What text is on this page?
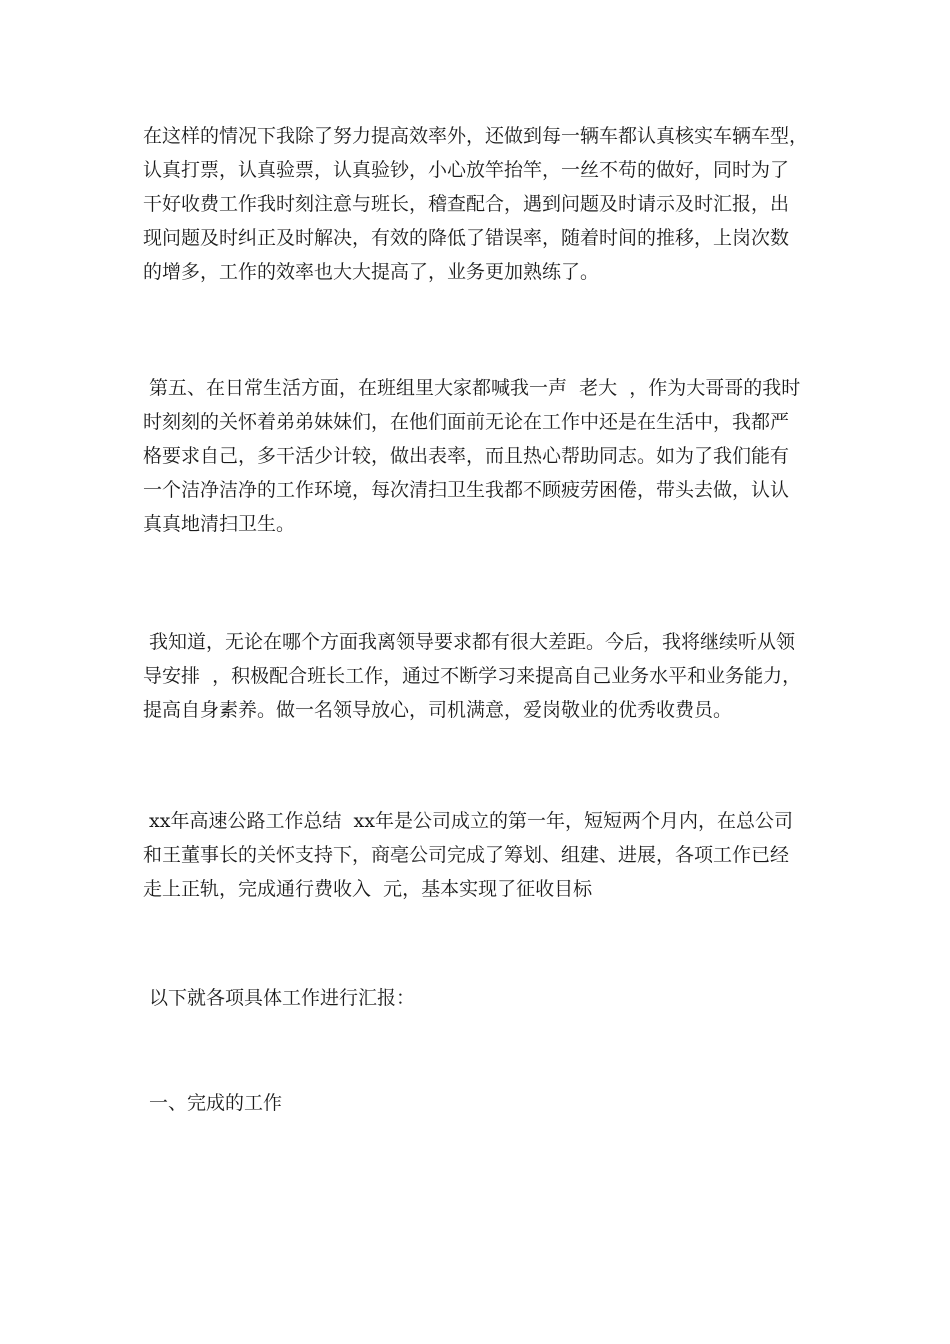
在这样的情况下我除了努力提高效率外，还做到每一辆车都认真核实车辆车型，
认真打票，认真验票，认真验钞，小心放竿抬竿，一丝不苟的做好，同时为了
干好收费工作我时刻注意与班长，稽查配合，遇到问题及时请示及时汇报，出
现问题及时纠正及时解决，有效的降低了错误率，随着时间的推移，上岗次数
的增多，工作的效率也大大提高了，业务更加熟练了。
第五、在日常生活方面，在班组里大家都喊我一声  老大  ，作为大哥哥的我时
时刻刻的关怀着弟弟妹妹们，在他们面前无论在工作中还是在生活中，我都严
格要求自己，多干活少计较，做出表率，而且热心帮助同志。如为了我们能有
一个洁净洁净的工作环境，每次清扫卫生我都不顾疲劳困倦，带头去做，认认
真真地清扫卫生。
我知道，无论在哪个方面我离领导要求都有很大差距。今后，我将继续听从领
导安排  ，积极配合班长工作，通过不断学习来提高自己业务水平和业务能力，
提高自身素养。做一名领导放心，司机满意，爱岗敬业的优秀收费员。
xx年高速公路工作总结  xx年是公司成立的第一年，短短两个月内，在总公司
和王董事长的关怀支持下，商亳公司完成了筹划、组建、进展，各项工作已经
走上正轨，完成通行费收入  元，基本实现了征收目标
以下就各项具体工作进行汇报：
一、完成的工作
